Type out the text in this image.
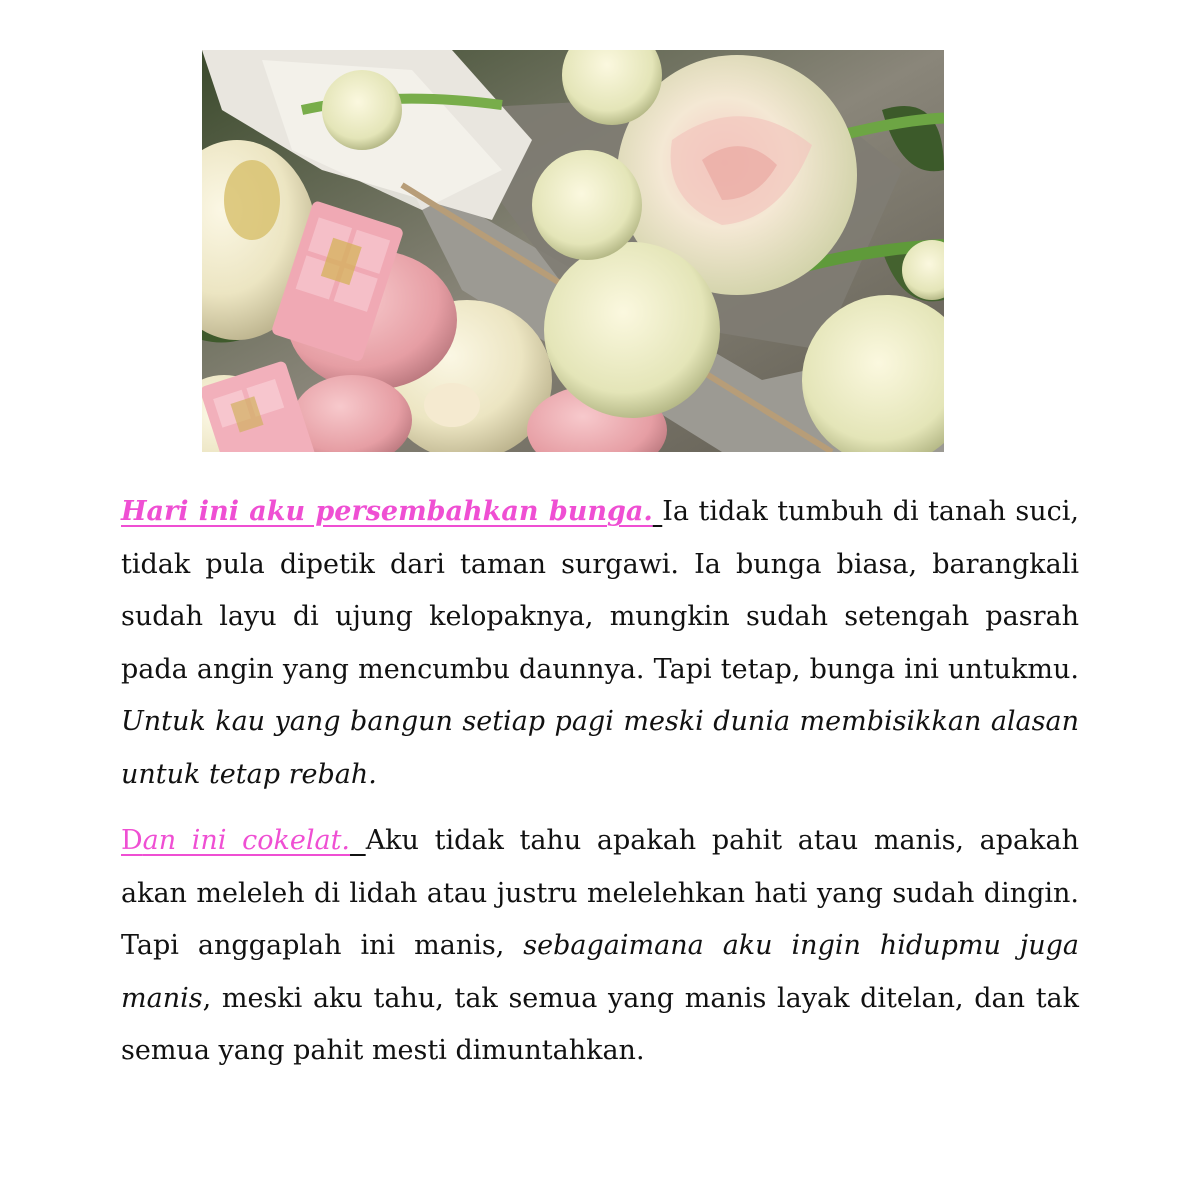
Hari ini aku persembahkan bunga. Ia tidak tumbuh di tanah suci, tidak pula dipetik dari taman surgawi. Ia bunga biasa, barangkali sudah layu di ujung kelopaknya, mungkin sudah setengah pasrah pada angin yang mencumbu daunnya. Tapi tetap, bunga ini untukmu. Untuk kau yang bangun setiap pagi meski dunia membisikkan alasan untuk tetap rebah.

Dan ini cokelat. Aku tidak tahu apakah pahit atau manis, apakah akan meleleh di lidah atau justru melelehkan hati yang sudah dingin. Tapi anggaplah ini manis, sebagaimana aku ingin hidupmu juga manis, meski aku tahu, tak semua yang manis layak ditelan, dan tak semua yang pahit mesti dimuntahkan.
